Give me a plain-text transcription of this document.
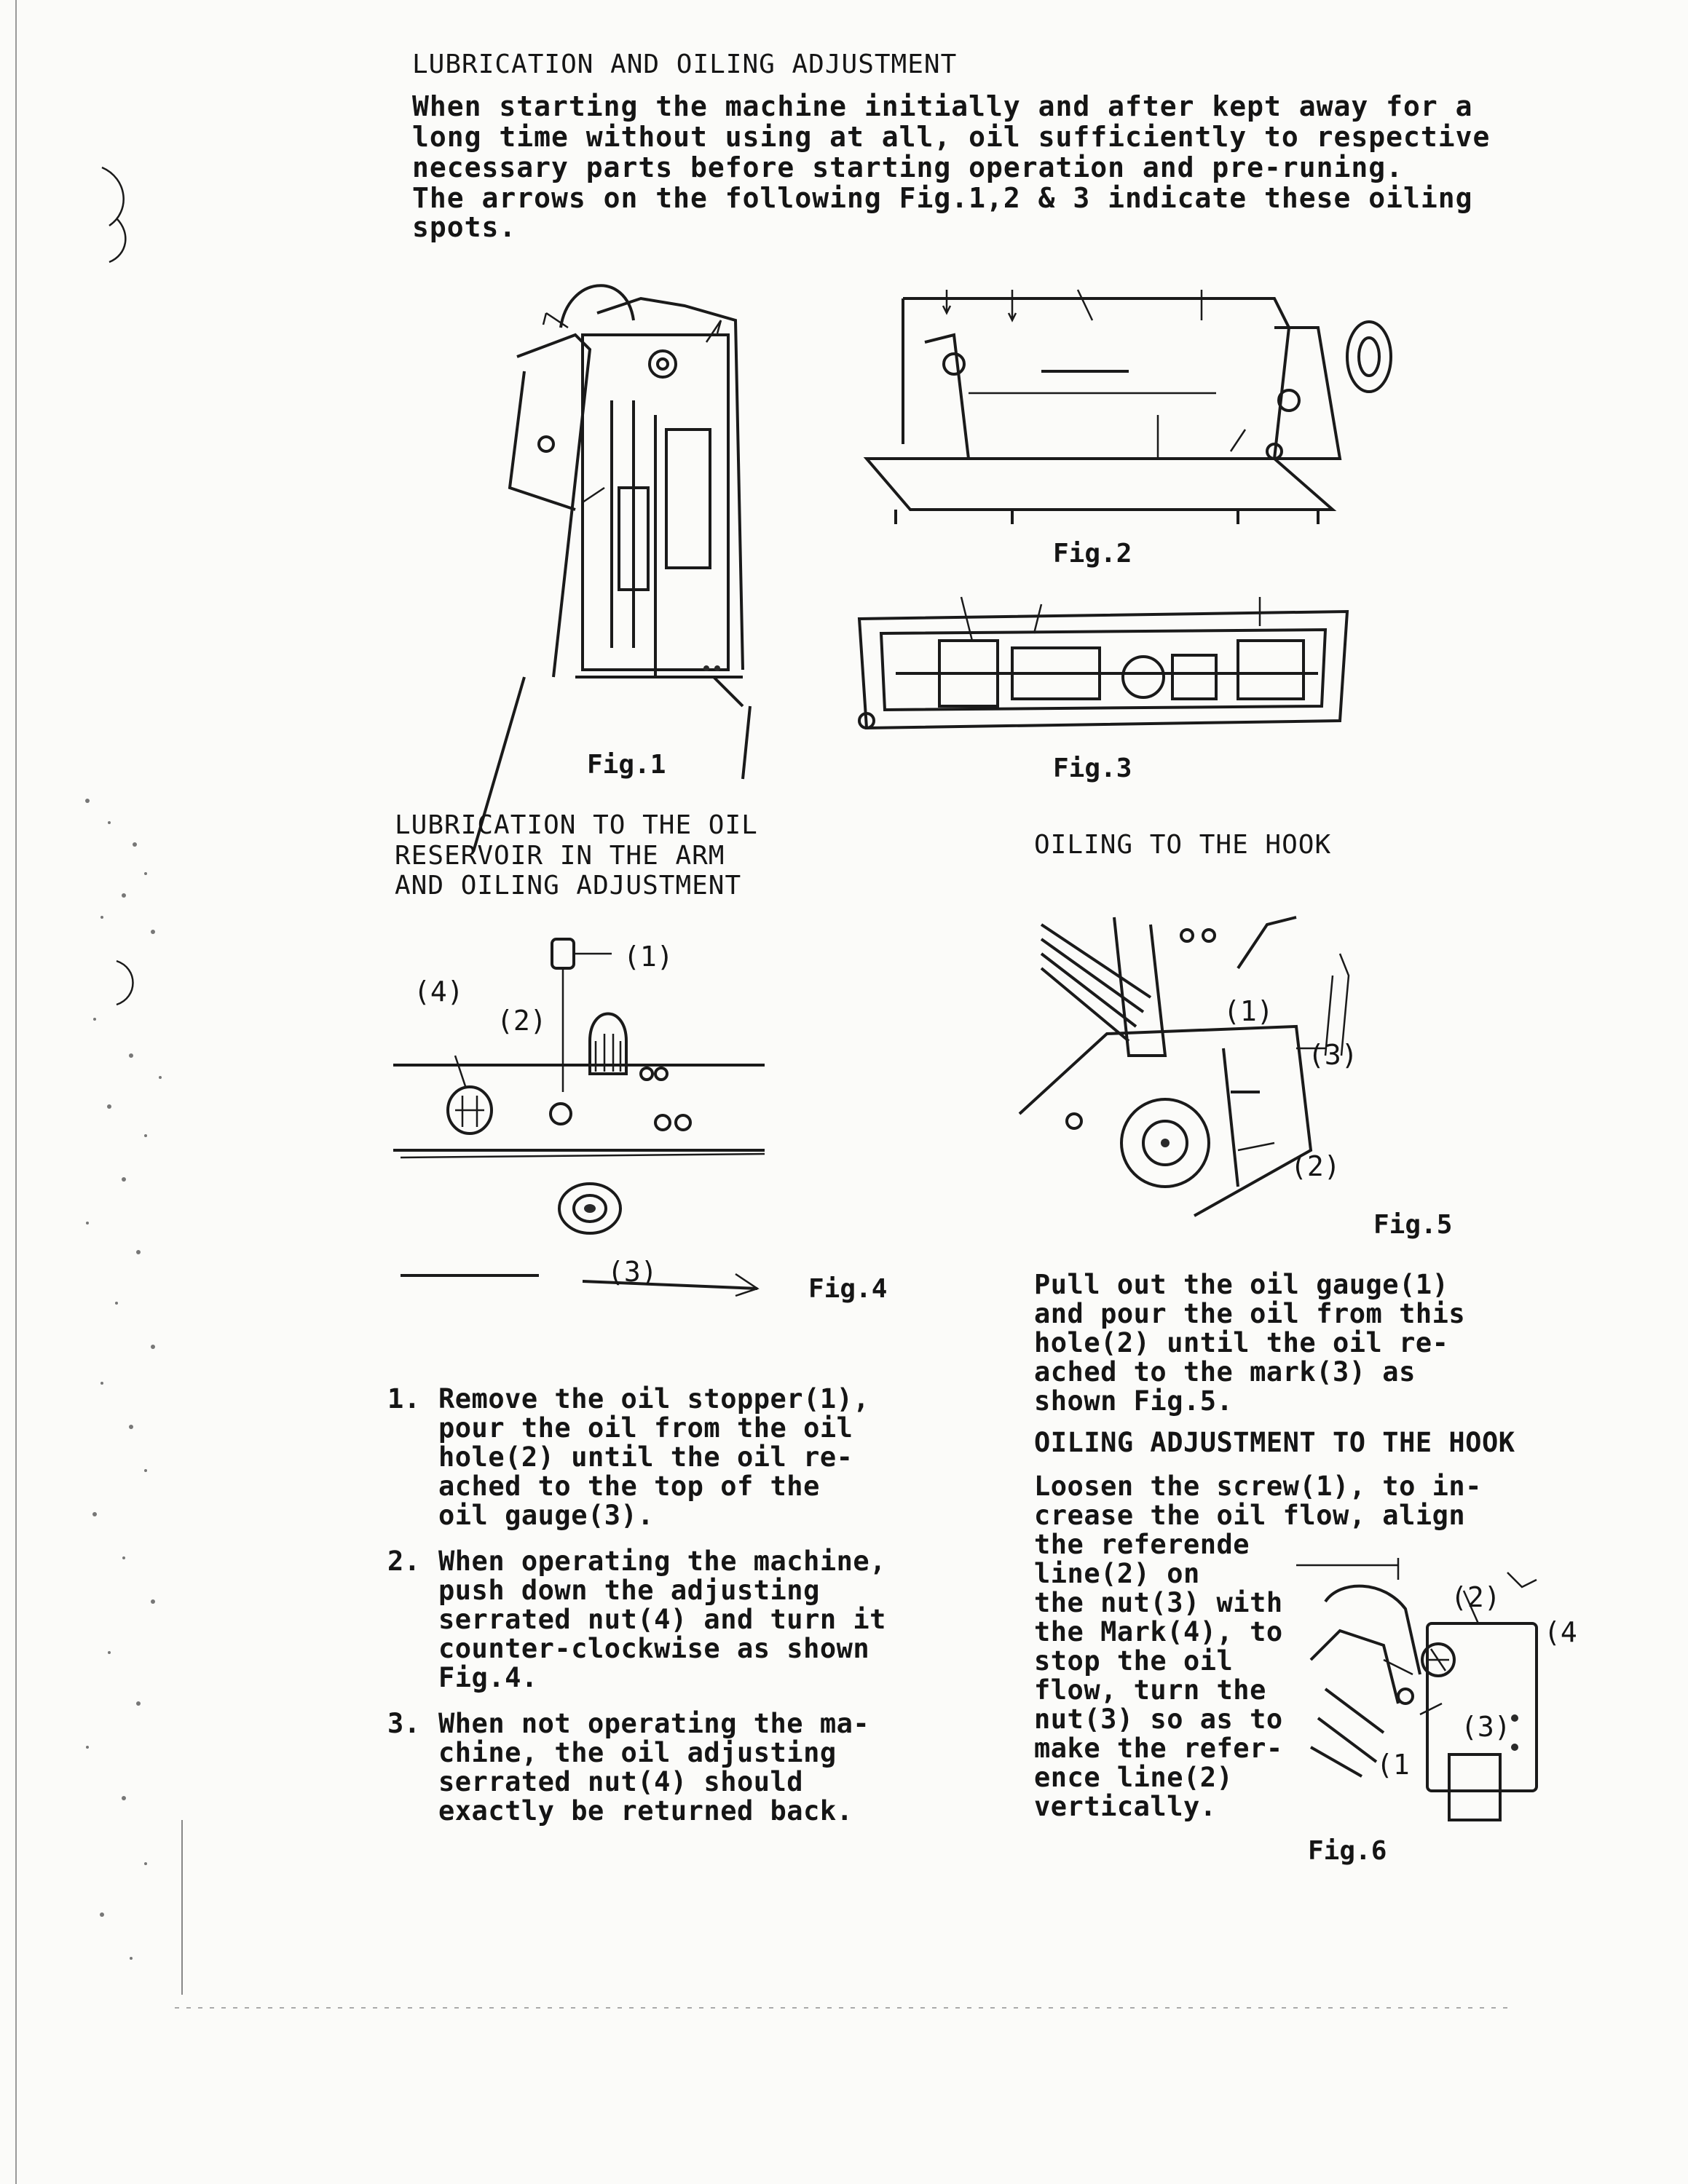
LUBRICATION AND OILING ADJUSTMENT
When starting the machine initially and after kept away for a
long time without using at all, oil sufficiently to respective
necessary parts before starting operation and pre-runing.
The arrows on the following Fig.1,2 & 3 indicate these oiling
spots.
Fig.1
Fig.2
Fig.3
LUBRICATION TO THE OIL
RESERVOIR IN THE ARM
AND OILING ADJUSTMENT
OILING TO THE HOOK
(1)
(2)
(3)
(4)
Fig.4
(1)
(2)
(3)
Fig.5
Pull out the oil gauge(1)
and pour the oil from this
hole(2) until the oil re-
ached to the mark(3) as
shown Fig.5.
1. Remove the oil stopper(1),
pour the oil from the oil
hole(2) until the oil re-
ached to the top of the
oil gauge(3).
2. When operating the machine,
push down the adjusting
serrated nut(4) and turn it
counter-clockwise as shown
Fig.4.
3. When not operating the ma-
chine, the oil adjusting
serrated nut(4) should
exactly be returned back.
OILING ADJUSTMENT TO THE HOOK
Loosen the screw(1), to in-
crease the oil flow, align
the referende
line(2) on
the nut(3) with
the Mark(4), to
stop the oil
flow, turn the
nut(3) so as to
make the refer-
ence line(2)
vertically.
(2)
(4
(3)
(1
Fig.6
